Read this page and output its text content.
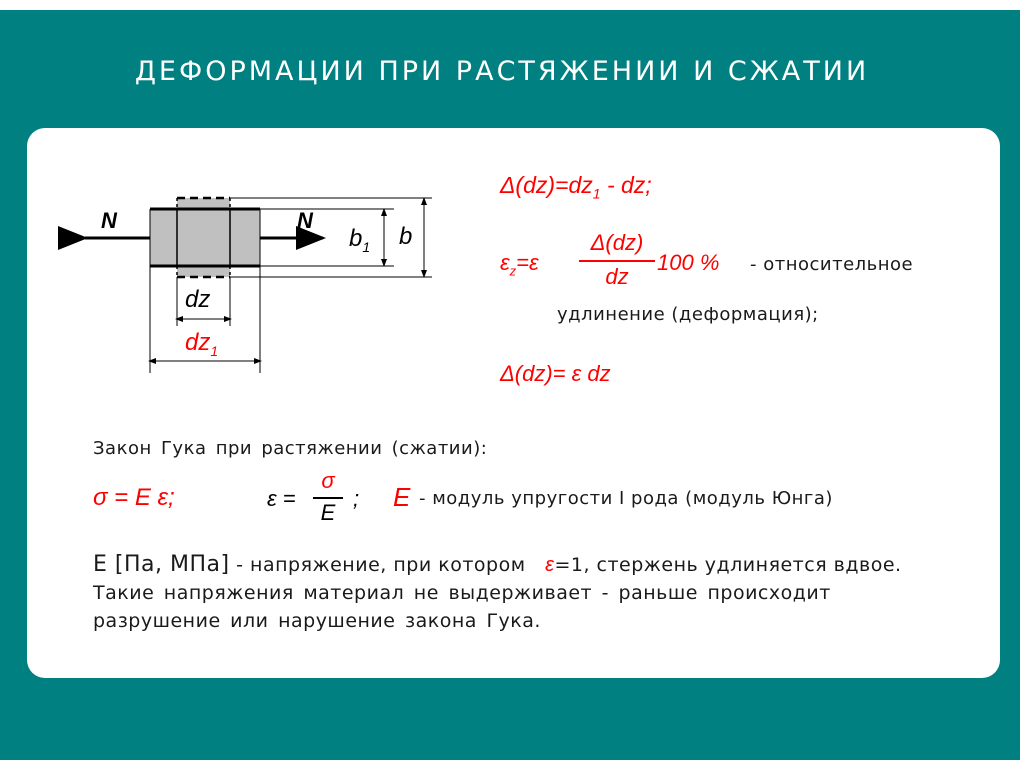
ДЕФОРМАЦИИ ПРИ РАСТЯЖЕНИИ И СЖАТИИ
N	N
$b_1$ b
dz
$dz_1$
$\Delta(dz)=dz_1$ - dz;
$\varepsilon_z=\varepsilon$
Δ(dz)
dz
100 % - относительное
удлинение (деформация);
Δ(dz)= ε dz
Закон Гука при растяжении (сжатии):
σ = E ε;	ε =
σ
E
; E - модуль упругости I рода (модуль Юнга)
Е [Па, МПа] - напряжение, при котором ε=1, стержень удлиняется вдвое.
Такие напряжения материал не выдерживает - раньше происходит
разрушение или нарушение закона Гука.
